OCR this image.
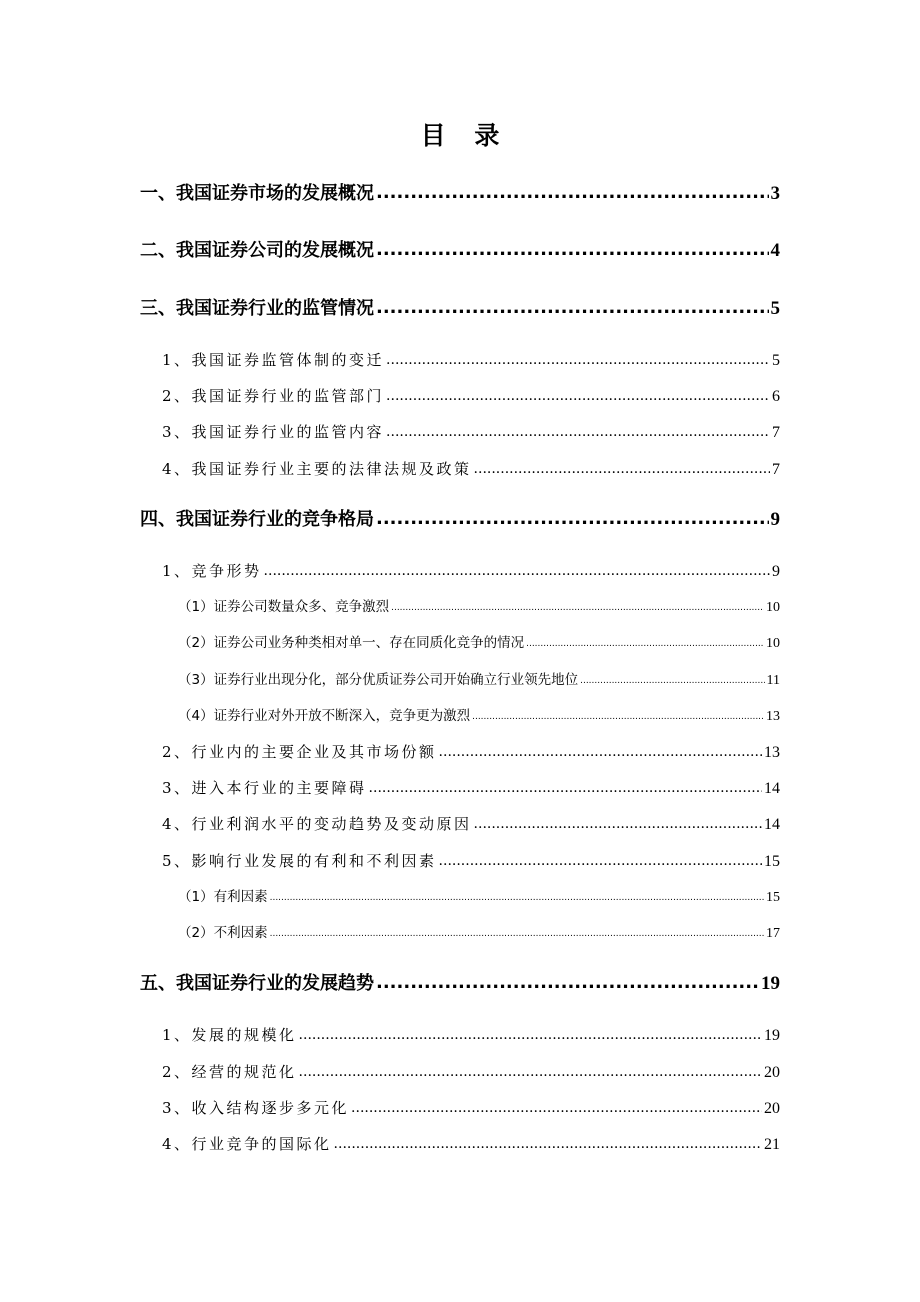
目 录
一、我国证券市场的发展概况 .....	3
二、我国证券公司的发展概况 .....	4
三、我国证券行业的监管情况 .....	5
1、我国证券监管体制的变迁 .....	5
2、我国证券行业的监管部门 .....	6
3、我国证券行业的监管内容 .....	7
4、我国证券行业主要的法律法规及政策 .....	7
四、我国证券行业的竞争格局 .....	9
1、竞争形势 .....	9
（1）证券公司数量众多、竞争激烈 .....	10
（2）证券公司业务种类相对单一、存在同质化竞争的情况 .....	10
（3）证券行业出现分化，部分优质证券公司开始确立行业领先地位 .....	11
（4）证券行业对外开放不断深入，竞争更为激烈 .....	13
2、行业内的主要企业及其市场份额 .....	13
3、进入本行业的主要障碍 .....	14
4、行业利润水平的变动趋势及变动原因 .....	14
5、影响行业发展的有利和不利因素 .....	15
（1）有利因素 .....	15
（2）不利因素 .....	17
五、我国证券行业的发展趋势 .....	19
1、发展的规模化 .....	19
2、经营的规范化 .....	20
3、收入结构逐步多元化 .....	20
4、行业竞争的国际化 .....	21
